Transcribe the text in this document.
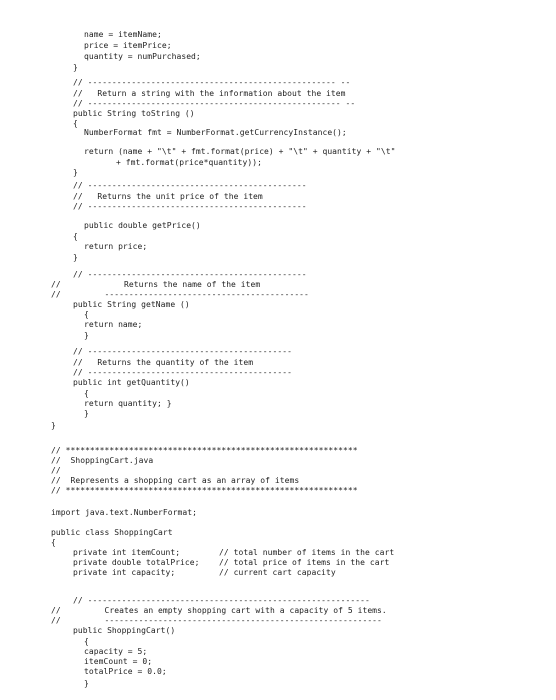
name = itemName;
price = itemPrice;
quantity = numPurchased;
}
// --------------------------------------------------- --
//   Return a string with the information about the item
// ---------------------------------------------------- --
public String toString ()
{
NumberFormat fmt = NumberFormat.getCurrencyInstance();
return (name + "\t" + fmt.format(price) + "\t" + quantity + "\t"
+ fmt.format(price*quantity));
}
// ---------------------------------------------
//   Returns the unit price of the item
// ---------------------------------------------
public double getPrice()
{
return price;
}
// ---------------------------------------------
//             Returns the name of the item
//         ------------------------------------------
public String getName ()
{
return name;
}
// ------------------------------------------
//   Returns the quantity of the item
// ------------------------------------------
public int getQuantity()
{
return quantity; }
}
}
// ************************************************************
//  ShoppingCart.java
//
//  Represents a shopping cart as an array of items
// ************************************************************
import java.text.NumberFormat;
public class ShoppingCart
{
private int itemCount;        // total number of items in the cart
private double totalPrice;    // total price of items in the cart
private int capacity;         // current cart capacity
// ----------------------------------------------------------
//         Creates an empty shopping cart with a capacity of 5 items.
//         ---------------------------------------------------------
public ShoppingCart()
{
capacity = 5;
itemCount = 0;
totalPrice = 0.0;
}
